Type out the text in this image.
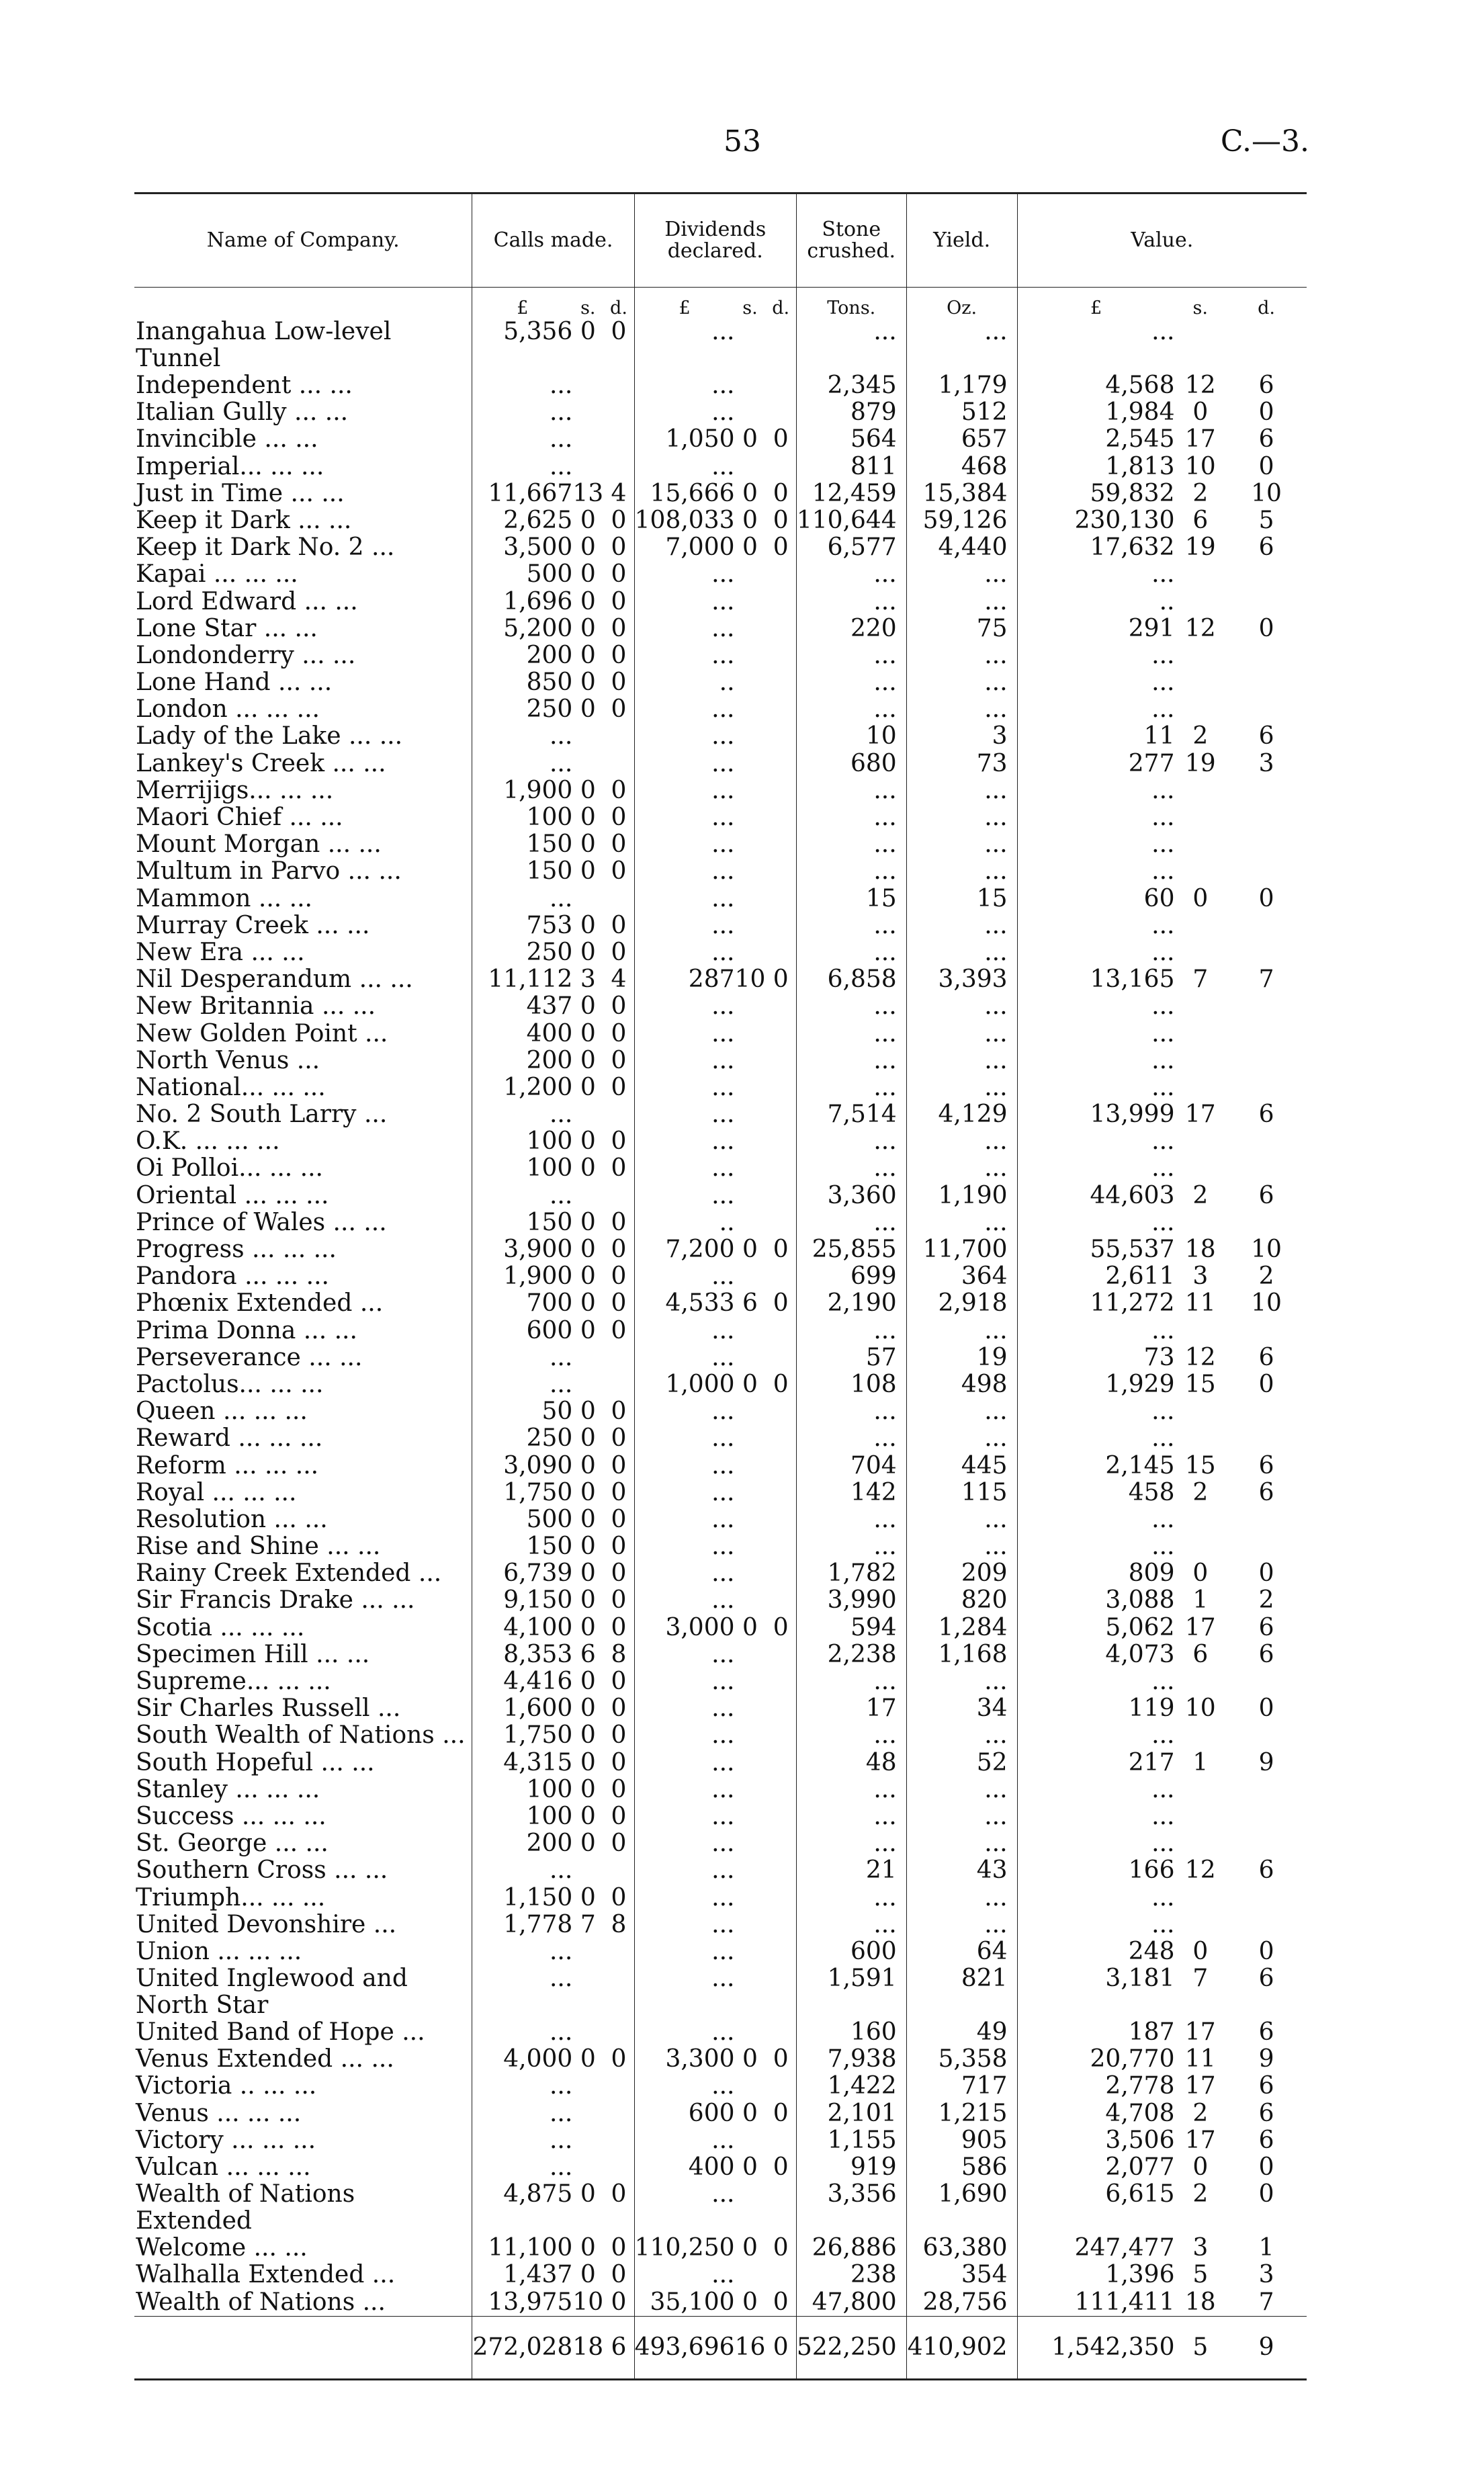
53	C.—3.
Name of Company.	Calls made.			Dividends declared.			Stone crushed.	Yield.	Value.		
	£	s.	d.	£	s.	d.	Tons.	Oz.	£	s.	d.
Inangahua Low-level Tunnel	5,356	0	0	...			...	...	...		
Independent ... ...	...			...			2,345	1,179	4,568	12	6
Italian Gully ... ...	...			...			879	512	1,984	0	0
Invincible ... ...	...			1,050	0	0	564	657	2,545	17	6
Imperial... ... ...	...			...			811	468	1,813	10	0
Just in Time ... ...	11,667	13	4	15,666	0	0	12,459	15,384	59,832	2	10
Keep it Dark ... ...	2,625	0	0	108,033	0	0	110,644	59,126	230,130	6	5
Keep it Dark No. 2 ...	3,500	0	0	7,000	0	0	6,577	4,440	17,632	19	6
Kapai ... ... ...	500	0	0	...			...	...	...		
Lord Edward ... ...	1,696	0	0	...			...	...	..		
Lone Star ... ...	5,200	0	0	...			220	75	291	12	0
Londonderry ... ...	200	0	0	...			...	...	...		
Lone Hand ... ...	850	0	0	..			...	...	...		
London ... ... ...	250	0	0	...			...	...	...		
Lady of the Lake ... ...	...			...			10	3	11	2	6
Lankey's Creek ... ...	...			...			680	73	277	19	3
Merrijigs... ... ...	1,900	0	0	...			...	...	...		
Maori Chief ... ...	100	0	0	...			...	...	...		
Mount Morgan ... ...	150	0	0	...			...	...	...		
Multum in Parvo ... ...	150	0	0	...			...	...	...		
Mammon ... ...	...			...			15	15	60	0	0
Murray Creek ... ...	753	0	0	...			...	...	...		
New Era ... ...	250	0	0	...			...	...	...		
Nil Desperandum ... ...	11,112	3	4	287	10	0	6,858	3,393	13,165	7	7
New Britannia ... ...	437	0	0	...			...	...	...		
New Golden Point ...	400	0	0	...			...	...	...		
North Venus ...	200	0	0	...			...	...	...		
National... ... ...	1,200	0	0	...			...	...	...		
No. 2 South Larry ...	...			...			7,514	4,129	13,999	17	6
O.K. ... ... ...	100	0	0	...			...	...	...		
Oi Polloi... ... ...	100	0	0	...			...	...	...		
Oriental ... ... ...	...			...			3,360	1,190	44,603	2	6
Prince of Wales ... ...	150	0	0	..			...	...	...		
Progress ... ... ...	3,900	0	0	7,200	0	0	25,855	11,700	55,537	18	10
Pandora ... ... ...	1,900	0	0	...			699	364	2,611	3	2
Phœnix Extended ...	700	0	0	4,533	6	0	2,190	2,918	11,272	11	10
Prima Donna ... ...	600	0	0	...			...	...	...		
Perseverance ... ...	...			...			57	19	73	12	6
Pactolus... ... ...	...			1,000	0	0	108	498	1,929	15	0
Queen ... ... ...	50	0	0	...			...	...	...		
Reward ... ... ...	250	0	0	...			...	...	...		
Reform ... ... ...	3,090	0	0	...			704	445	2,145	15	6
Royal ... ... ...	1,750	0	0	...			142	115	458	2	6
Resolution ... ...	500	0	0	...			...	...	...		
Rise and Shine ... ...	150	0	0	...			...	...	...		
Rainy Creek Extended ...	6,739	0	0	...			1,782	209	809	0	0
Sir Francis Drake ... ...	9,150	0	0	...			3,990	820	3,088	1	2
Scotia ... ... ...	4,100	0	0	3,000	0	0	594	1,284	5,062	17	6
Specimen Hill ... ...	8,353	6	8	...			2,238	1,168	4,073	6	6
Supreme... ... ...	4,416	0	0	...			...	...	...		
Sir Charles Russell ...	1,600	0	0	...			17	34	119	10	0
South Wealth of Nations ...	1,750	0	0	...			...	...	...		
South Hopeful ... ...	4,315	0	0	...			48	52	217	1	9
Stanley ... ... ...	100	0	0	...			...	...	...		
Success ... ... ...	100	0	0	...			...	...	...		
St. George ... ...	200	0	0	...			...	...	...		
Southern Cross ... ...	...			...			21	43	166	12	6
Triumph... ... ...	1,150	0	0	...			...	...	...		
United Devonshire ...	1,778	7	8	...			...	...	...		
Union ... ... ...	...			...			600	64	248	0	0
United Inglewood and North Star	...			...			1,591	821	3,181	7	6
United Band of Hope ...	...			...			160	49	187	17	6
Venus Extended ... ...	4,000	0	0	3,300	0	0	7,938	5,358	20,770	11	9
Victoria .. ... ...	...			...			1,422	717	2,778	17	6
Venus ... ... ...	...			600	0	0	2,101	1,215	4,708	2	6
Victory ... ... ...	...			...			1,155	905	3,506	17	6
Vulcan ... ... ...	...			400	0	0	919	586	2,077	0	0
Wealth of Nations Extended	4,875	0	0	...			3,356	1,690	6,615	2	0
Welcome ... ...	11,100	0	0	110,250	0	0	26,886	63,380	247,477	3	1
Walhalla Extended ...	1,437	0	0	...			238	354	1,396	5	3
Wealth of Nations ...	13,975	10	0	35,100	0	0	47,800	28,756	111,411	18	7
	272,028	18	6	493,696	16	0	522,250	410,902	1,542,350	5	9
